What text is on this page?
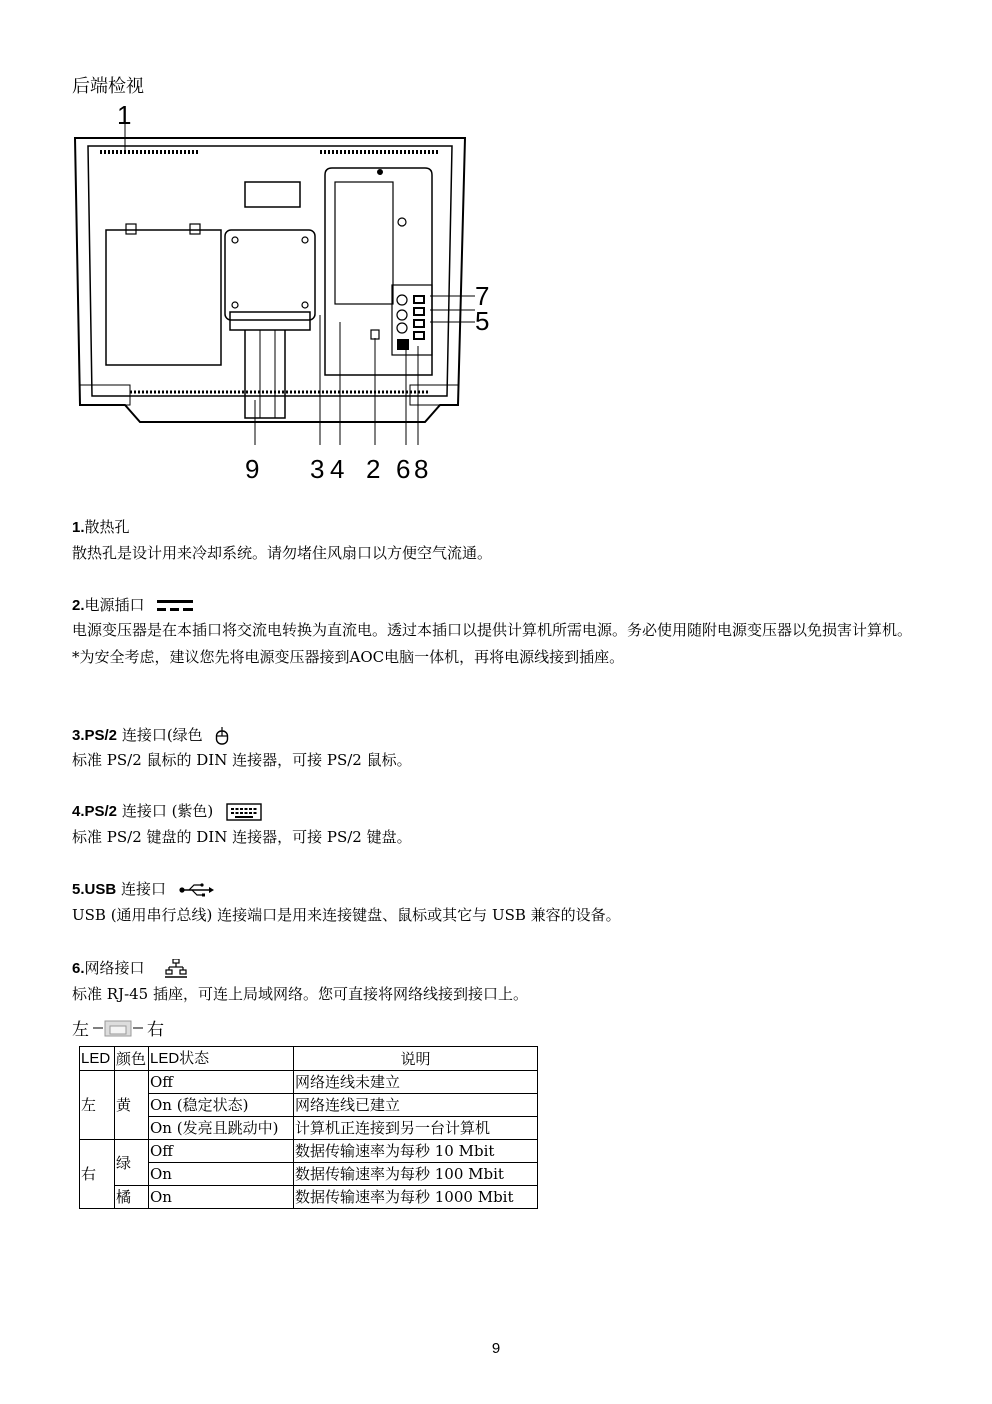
后端检视
1
7
5
9 3 4 2 6 8
1.散热孔
散热孔是设计用来冷却系统。请勿堵住风扇口以方便空气流通。
2.电源插口
电源变压器是在本插口将交流电转换为直流电。透过本插口以提供计算机所需电源。务必使用随附电源变压器以免损害计算机。
*为安全考虑，建议您先将电源变压器接到AOC电脑一体机，再将电源线接到插座。
3.PS/2 连接口(绿色
标准 PS/2 鼠标的 DIN 连接器，可接 PS/2 鼠标。
4.PS/2 连接口 (紫色)
标准 PS/2 键盘的 DIN 连接器，可接 PS/2 键盘。
5.USB 连接口
USB (通用串行总线) 连接端口是用来连接键盘、鼠标或其它与 USB 兼容的设备。
6.网络接口
标准 RJ-45 插座，可连上局域网络。您可直接将网络线接到接口上。
左	右
LED	颜色	LED状态	说明
左	黄	Off	网络连线未建立
		On (稳定状态)	网络连线已建立
		On (发亮且跳动中)	计算机正连接到另一台计算机
右	绿	Off	数据传输速率为每秒 10 Mbit
		On	数据传输速率为每秒 100 Mbit
	橘	On	数据传输速率为每秒 1000 Mbit
9
